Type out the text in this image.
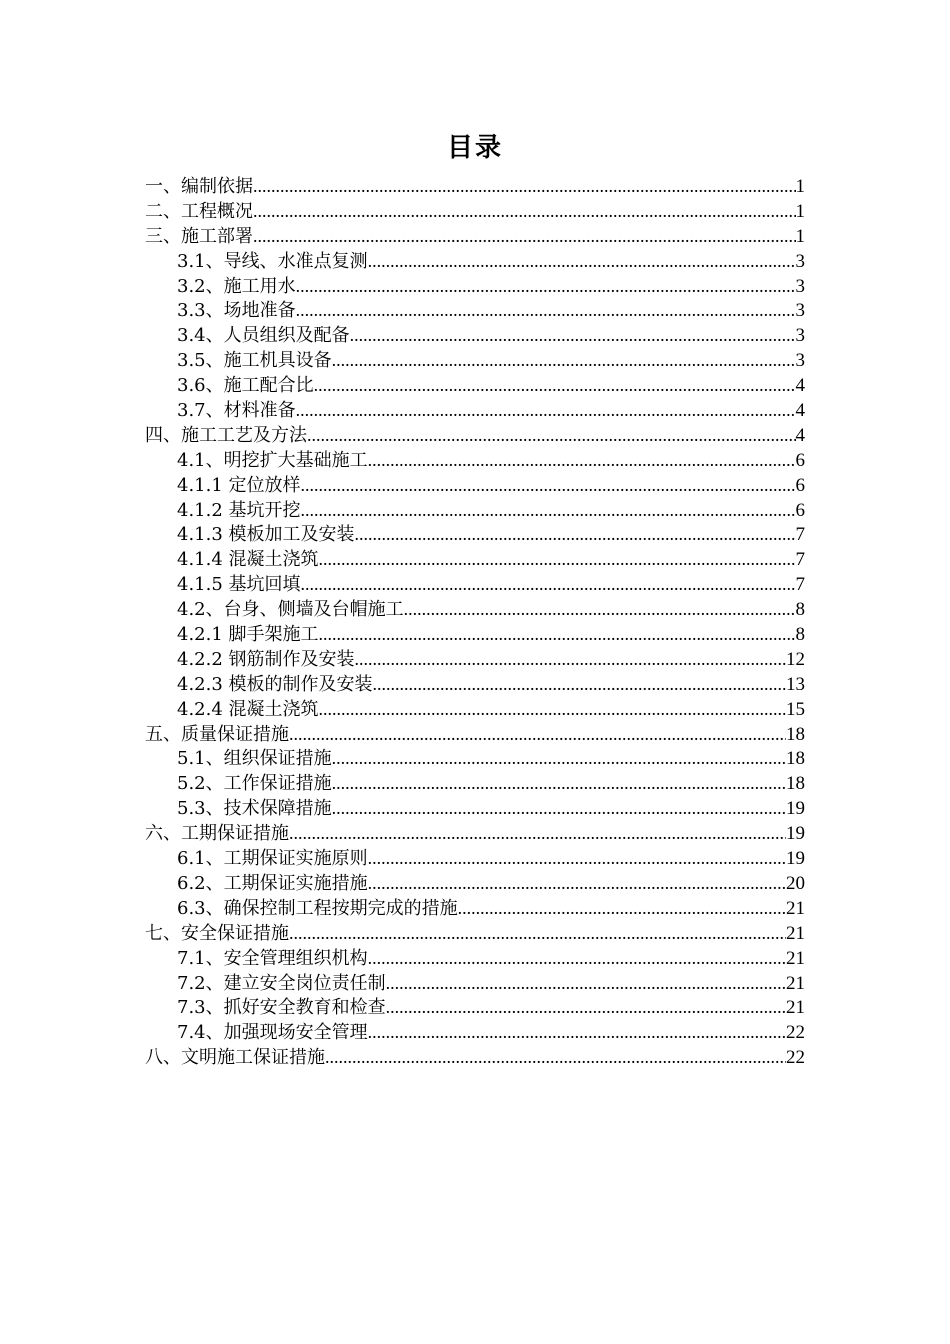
目录
一、编制依据 .....	1
二、工程概况 .....	1
三、施工部署 .....	1
3.1、导线、水准点复测 .....	3
3.2、施工用水 .....	3
3.3、场地准备 .....	3
3.4、人员组织及配备 .....	3
3.5、施工机具设备 .....	3
3.6、施工配合比 .....	4
3.7、材料准备 .....	4
四、施工工艺及方法 .....	4
4.1、明挖扩大基础施工 .....	6
4.1.1 定位放样 .....	6
4.1.2 基坑开挖 .....	6
4.1.3 模板加工及安装 .....	7
4.1.4 混凝土浇筑 .....	7
4.1.5 基坑回填 .....	7
4.2、台身、侧墙及台帽施工 .....	8
4.2.1 脚手架施工 .....	8
4.2.2 钢筋制作及安装 .....	12
4.2.3 模板的制作及安装 .....	13
4.2.4 混凝土浇筑 .....	15
五、质量保证措施 .....	18
5.1、组织保证措施 .....	18
5.2、工作保证措施 .....	18
5.3、技术保障措施 .....	19
六、工期保证措施 .....	19
6.1、工期保证实施原则 .....	19
6.2、工期保证实施措施 .....	20
6.3、确保控制工程按期完成的措施 .....	21
七、安全保证措施 .....	21
7.1、安全管理组织机构 .....	21
7.2、建立安全岗位责任制 .....	21
7.3、抓好安全教育和检查 .....	21
7.4、加强现场安全管理 .....	22
八、文明施工保证措施 .....	22
